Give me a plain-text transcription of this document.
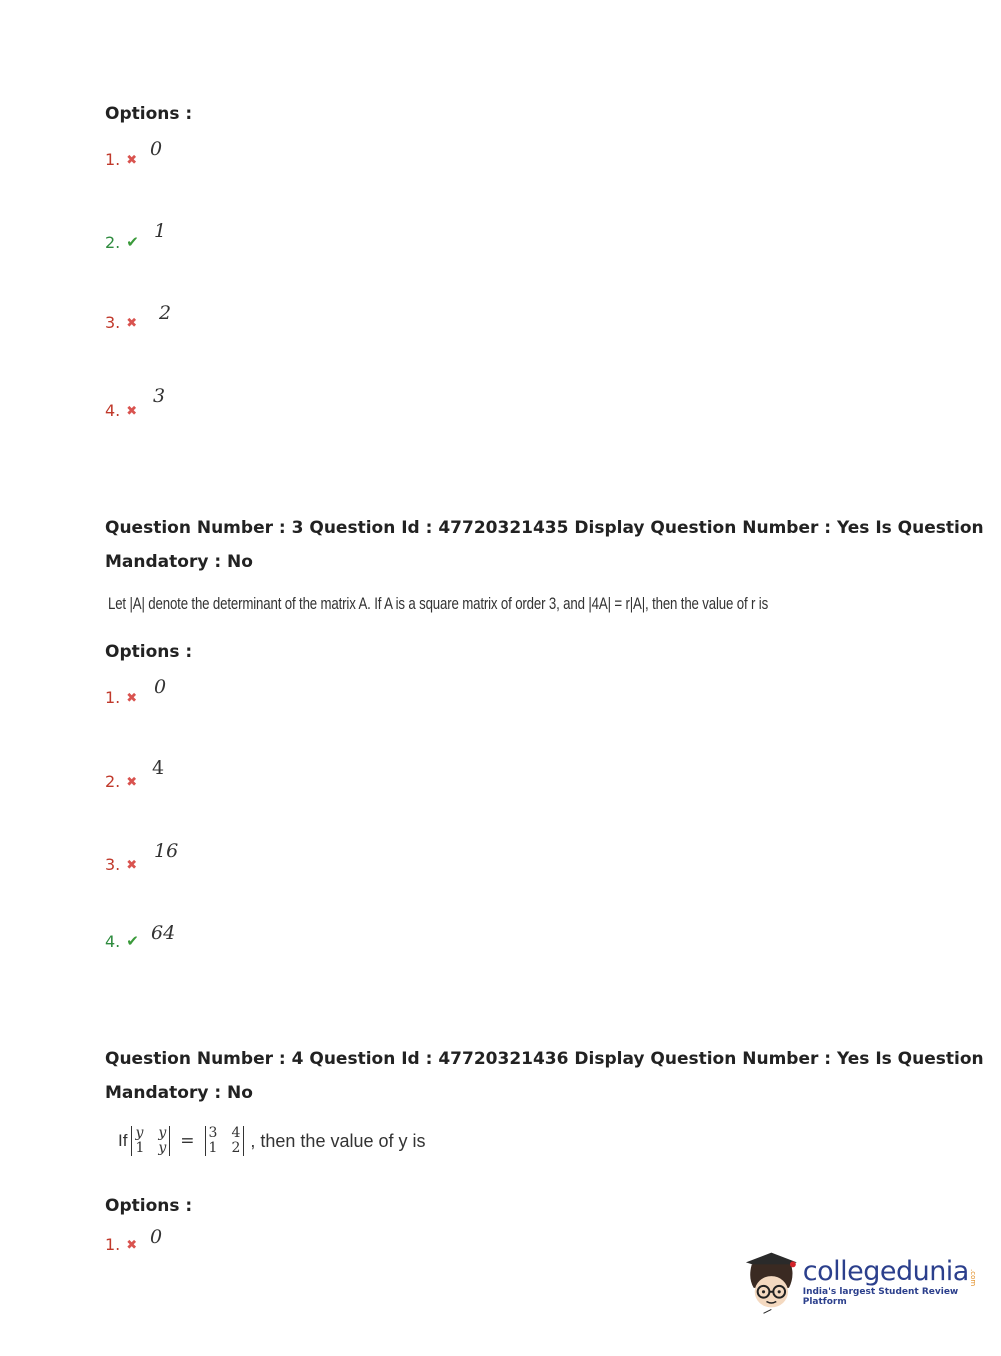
Options :
1. ✖
0
2. ✔ 1
3. ✖ 2
4. ✖
3
Question Number : 3 Question Id : 47720321435 Display Question Number : Yes Is Question
Mandatory : No
Let |A| denote the determinant of the matrix A. If A is a square matrix of order 3, and |4A| = r|A|, then the value of r is
Options :
1. ✖
0
2. ✖
4
3. ✖
16
4. ✔ 64
Question Number : 4 Question Id : 47720321436 Display Question Number : Yes Is Question
Mandatory : No
If y y
1 y = 3 4
1 2 , then the value of y is
Options :
1. ✖ 0
collegedunia .com
India's largest Student Review Platform
